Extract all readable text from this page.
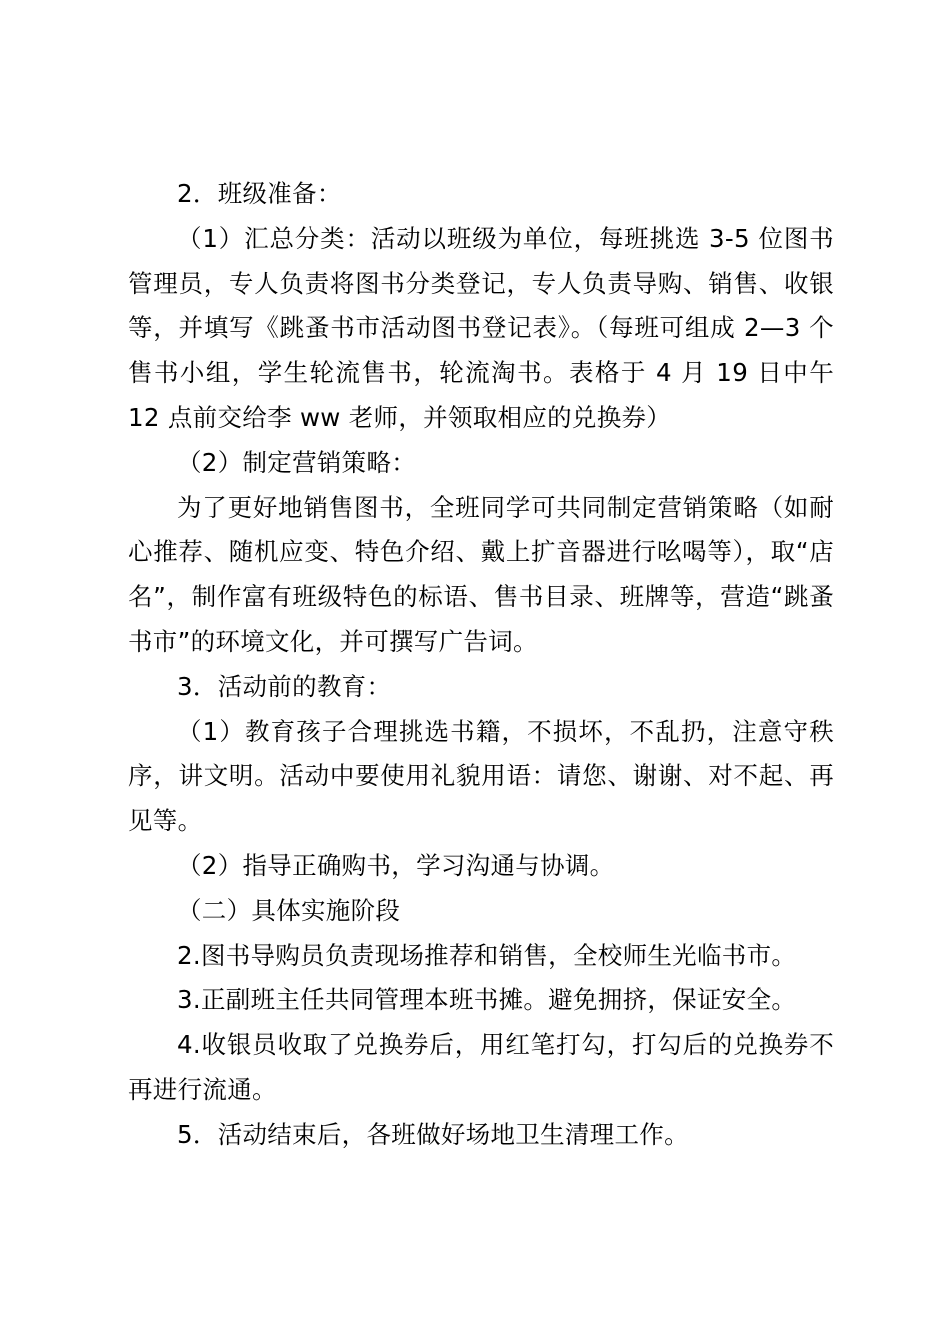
2．班级准备：

（1）汇总分类：活动以班级为单位，每班挑选 3-5 位图书管理员，专人负责将图书分类登记，专人负责导购、销售、收银等，并填写《跳蚤书市活动图书登记表》。（每班可组成 2—3 个售书小组，学生轮流售书，轮流淘书。表格于 4 月 19 日中午 12 点前交给李 ww 老师，并领取相应的兑换券）

（2）制定营销策略：

为了更好地销售图书，全班同学可共同制定营销策略（如耐心推荐、随机应变、特色介绍、戴上扩音器进行吆喝等），取“店名”，制作富有班级特色的标语、售书目录、班牌等，营造“跳蚤书市”的环境文化，并可撰写广告词。

3．活动前的教育：

（1）教育孩子合理挑选书籍，不损坏，不乱扔，注意守秩序，讲文明。活动中要使用礼貌用语：请您、谢谢、对不起、再见等。

（2）指导正确购书，学习沟通与协调。

（二）具体实施阶段

2.图书导购员负责现场推荐和销售，全校师生光临书市。

3.正副班主任共同管理本班书摊。避免拥挤，保证安全。

4.收银员收取了兑换券后，用红笔打勾，打勾后的兑换券不再进行流通。

5．活动结束后，各班做好场地卫生清理工作。
